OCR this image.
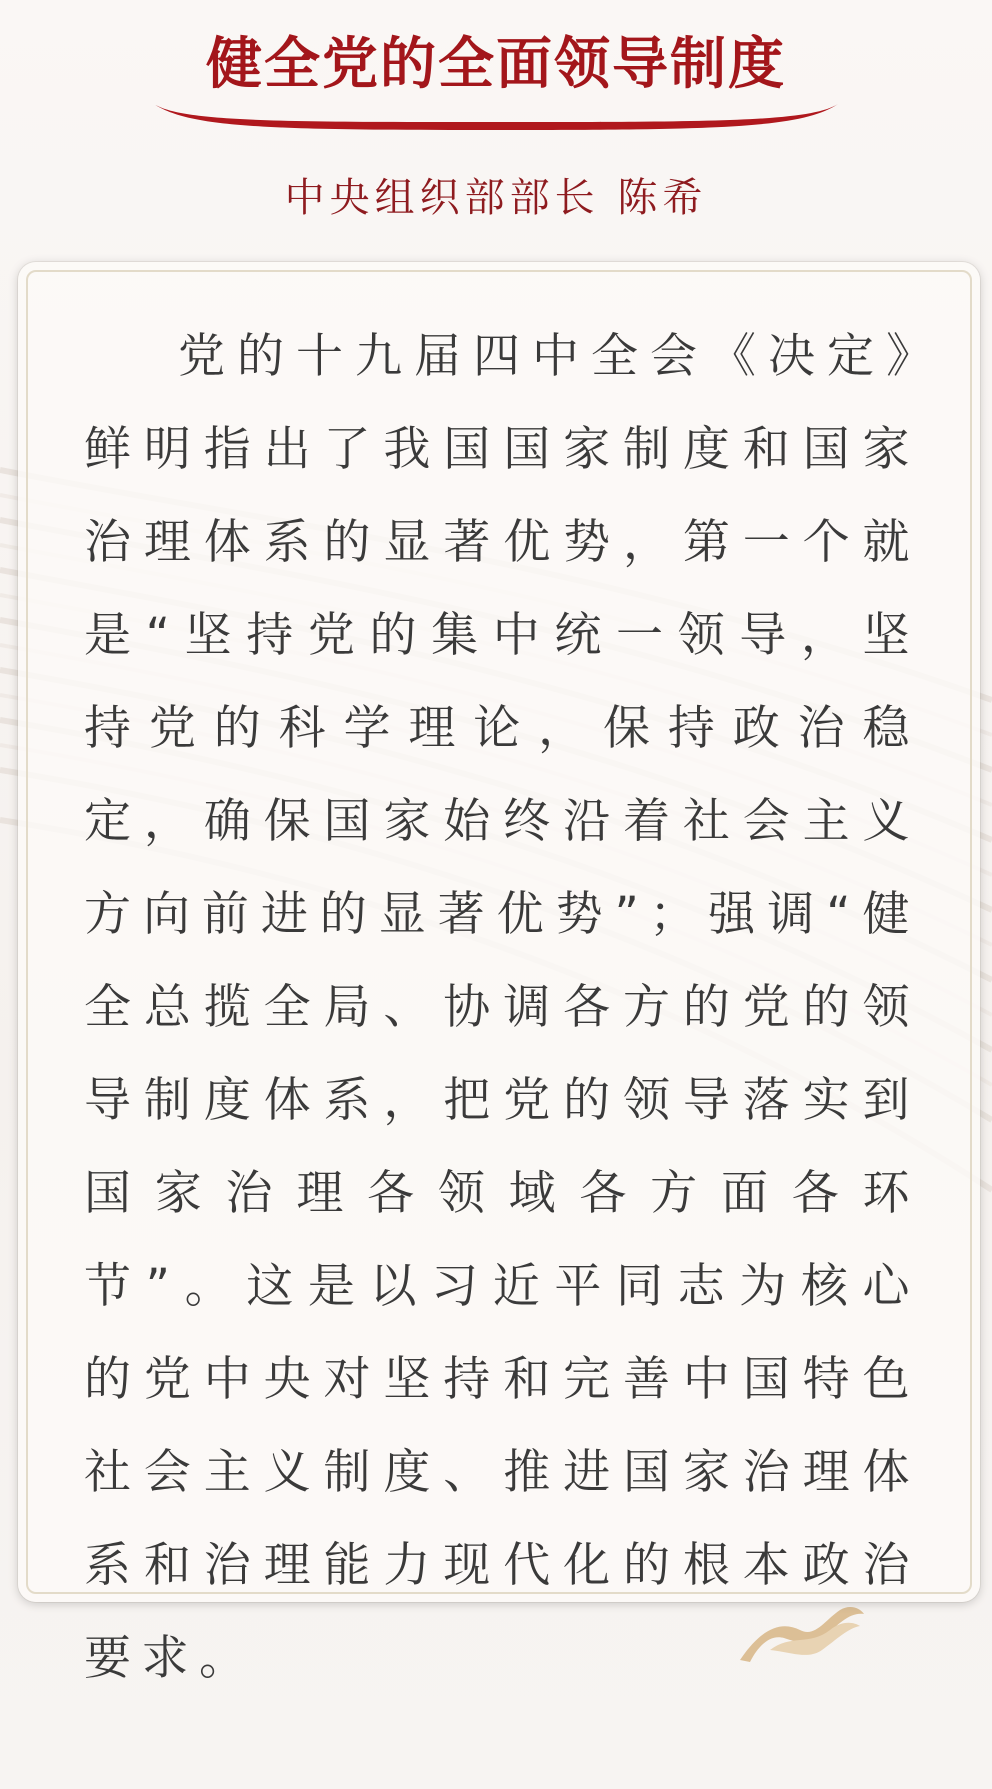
健全党的全面领导制度
中央组织部部长 陈希

党的十九届四中全会《决定》鲜明指出了我国国家制度和国家治理体系的显著优势，第一个就是“坚持党的集中统一领导，坚持党的科学理论，保持政治稳定，确保国家始终沿着社会主义方向前进的显著优势”；强调“健全总揽全局、协调各方的党的领导制度体系，把党的领导落实到国家治理各领域各方面各环节”。这是以习近平同志为核心的党中央对坚持和完善中国特色社会主义制度、推进国家治理体系和治理能力现代化的根本政治要求。
